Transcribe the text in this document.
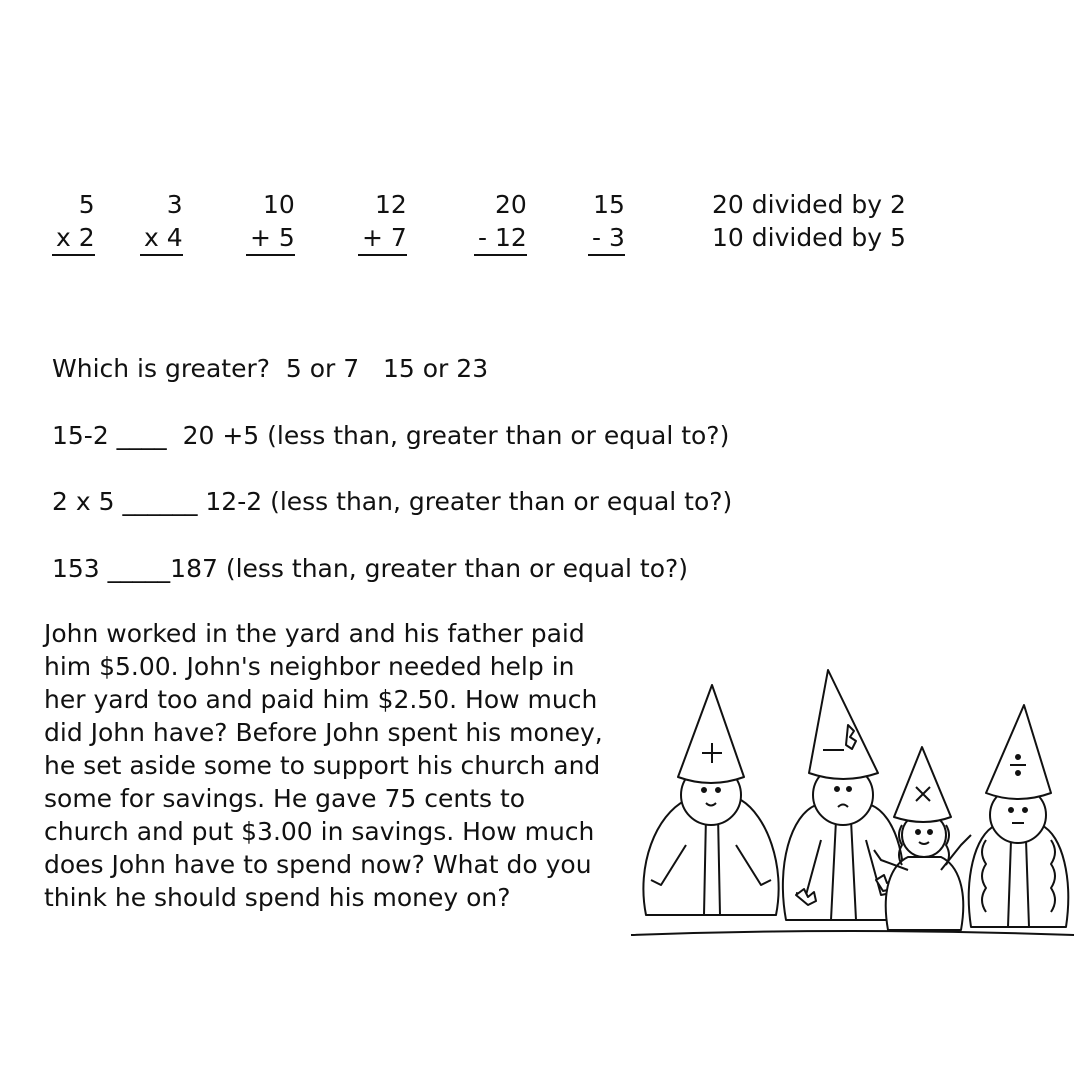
5
x 2
3
x 4
10
+ 5
12
+ 7
20
- 12
15
- 3
20 divided by 2
10 divided by 5
Which is greater?  5 or 7   15 or 23
15-2 ____  20 +5 (less than, greater than or equal to?)
2 x 5 ______ 12-2 (less than, greater than or equal to?)
153 _____187 (less than, greater than or equal to?)
John worked in the yard and his father paid
him $5.00. John's neighbor needed help in
her yard too and paid him $2.50. How much
did John have? Before John spent his money,
he set aside some to support his church and
some for savings. He gave 75 cents to
church and put $3.00 in savings. How much
does John have to spend now? What do you
think he should spend his money on?
